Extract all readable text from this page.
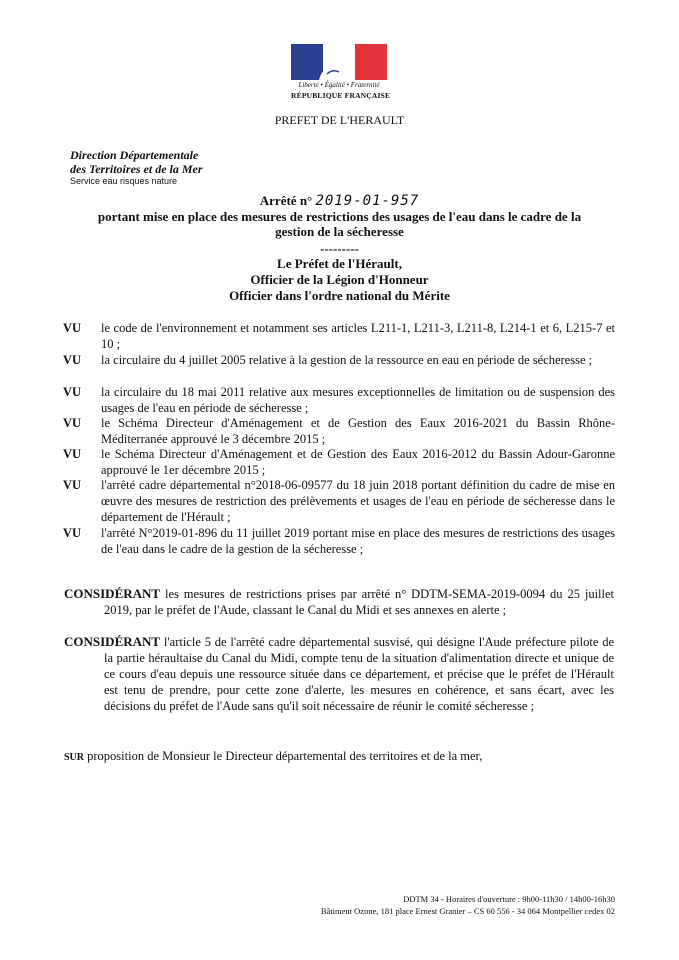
Liberté • Égalité • Fraternité
RÉPUBLIQUE FRANÇAISE
PREFET DE L'HERAULT
Direction Départementale
des Territoires et de la Mer
Service eau risques nature
Arrêté n° 2019-01-957
portant mise en place des mesures de restrictions des usages de l'eau dans le cadre de la gestion de la sécheresse
---------
Le Préfet de l'Hérault,
Officier de la Légion d'Honneur
Officier dans l'ordre national du Mérite
VU	le code de l'environnement et notamment ses articles L211-1, L211-3, L211-8, L214-1 et 6, L215-7 et 10 ;
VU	la circulaire du 4 juillet 2005 relative à la gestion de la ressource en eau en période de sécheresse ;
VU	la circulaire du 18 mai 2011 relative aux mesures exceptionnelles de limitation ou de suspension des usages de l'eau en période de sécheresse ;
VU	le Schéma Directeur d'Aménagement et de Gestion des Eaux 2016-2021 du Bassin Rhône-Méditerranée approuvé le 3 décembre 2015 ;
VU	le Schéma Directeur d'Aménagement et de Gestion des Eaux 2016-2012 du Bassin Adour-Garonne approuvé le 1er décembre 2015 ;
VU	l'arrêté cadre départemental n°2018-06-09577 du 18 juin 2018 portant définition du cadre de mise en œuvre des mesures de restriction des prélèvements et usages de l'eau en période de sécheresse dans le département de l'Hérault ;
VU	l'arrêté N°2019-01-896 du 11 juillet 2019 portant mise en place des mesures de restrictions des usages de l'eau dans le cadre de la gestion de la sécheresse ;
CONSIDÉRANT les mesures de restrictions prises par arrêté n° DDTM-SEMA-2019-0094 du 25 juillet 2019, par le préfet de l'Aude, classant le Canal du Midi et ses annexes en alerte ;
CONSIDÉRANT l'article 5 de l'arrêté cadre départemental susvisé, qui désigne l'Aude préfecture pilote de la partie héraultaise du Canal du Midi, compte tenu de la situation d'alimentation directe et unique de ce cours d'eau depuis une ressource située dans ce département, et précise que le préfet de l'Hérault est tenu de prendre, pour cette zone d'alerte, les mesures en cohérence, et sans écart, avec les décisions du préfet de l'Aude sans qu'il soit nécessaire de réunir le comité sécheresse ;
SUR proposition de Monsieur le Directeur départemental des territoires et de la mer,
DDTM 34 - Horaires d'ouverture : 9h00-11h30 / 14h00-16h30
Bâtiment Ozone, 181 place Ernest Granier – CS 60 556 - 34 064 Montpellier cedex 02
